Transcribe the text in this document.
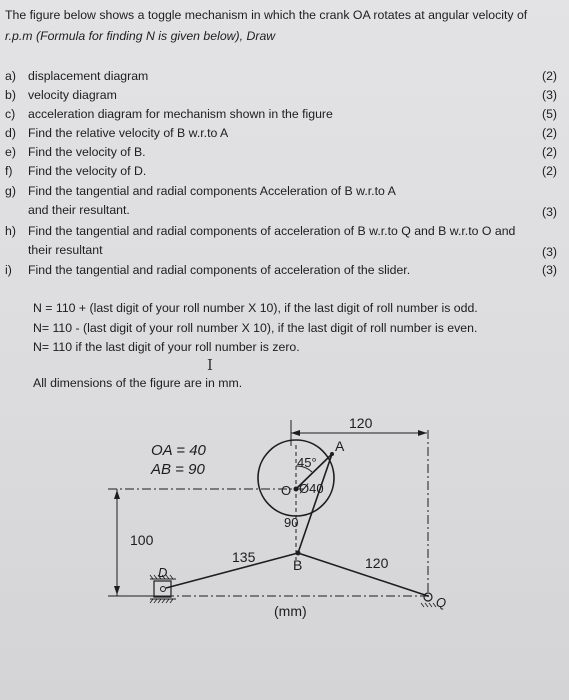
The figure below shows a toggle mechanism in which the crank OA rotates at angular velocity of
r.p.m (Formula for finding N is given below), Draw
a) displacement diagram	(2)
b) velocity diagram	(3)
c) acceleration diagram for mechanism shown in the figure	(5)
d) Find the relative velocity of B w.r.to A	(2)
e) Find the velocity of B.	(2)
f) Find the velocity of D.	(2)
g) Find the tangential and radial components Acceleration of B w.r.to A
and their resultant.	(3)
h) Find the tangential and radial components of acceleration of B w.r.to Q and B w.r.to O and
their resultant	(3)
i) Find the tangential and radial components of acceleration of the slider.	(3)
N = 110 + (last digit of your roll number X 10), if the last digit of roll number is odd.
N= 110 - (last digit of your roll number X 10), if the last digit of roll number is even.
N= 110 if the last digit of your roll number is zero.
I
All dimensions of the figure are in mm.
120
100
OA = 40
AB = 90	45°
A
O Ø40
90
135	B	120
D
Q
(mm)
